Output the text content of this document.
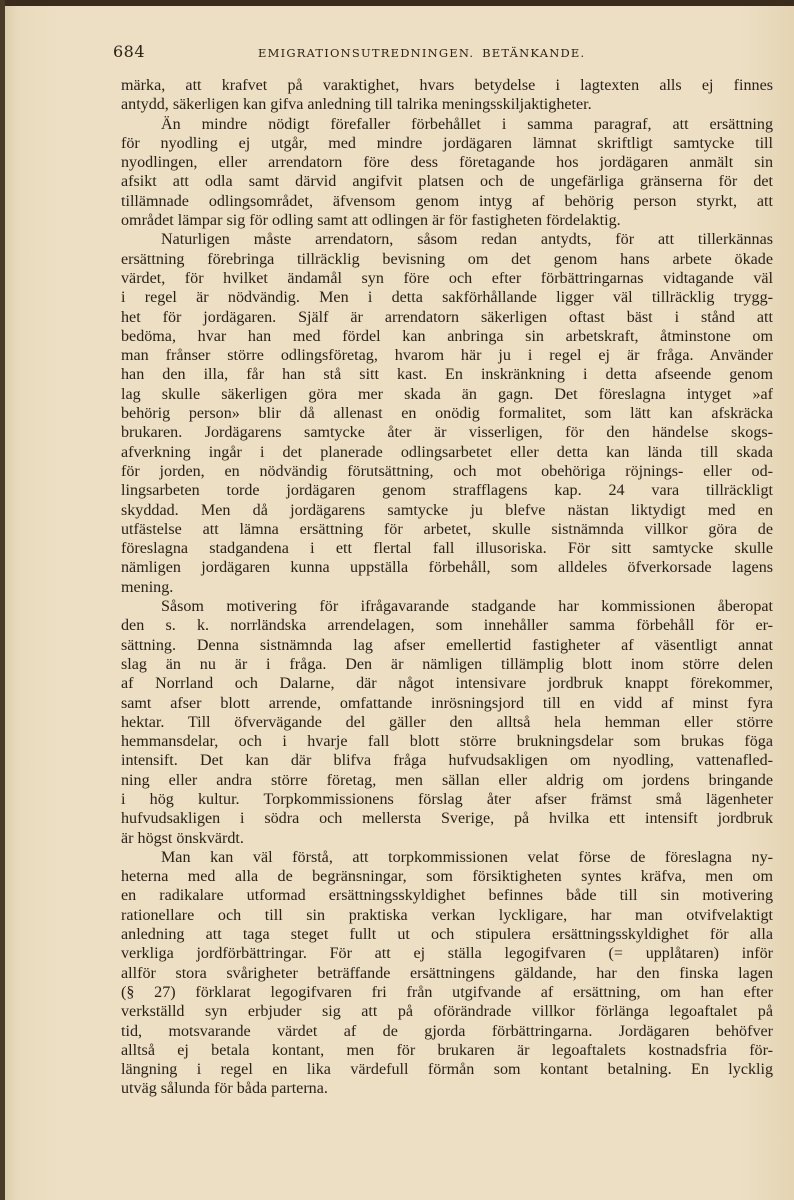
684	EMIGRATIONSUTREDNINGEN. BETÄNKANDE.
märka, att krafvet på varaktighet, hvars betydelse i lagtexten alls ej finnes
antydd, säkerligen kan gifva anledning till talrika meningsskiljaktigheter.
Än mindre nödigt förefaller förbehållet i samma paragraf, att ersättning
för nyodling ej utgår, med mindre jordägaren lämnat skriftligt samtycke till
nyodlingen, eller arrendatorn före dess företagande hos jordägaren anmält sin
afsikt att odla samt därvid angifvit platsen och de ungefärliga gränserna för det
tillämnade odlingsområdet, äfvensom genom intyg af behörig person styrkt, att
området lämpar sig för odling samt att odlingen är för fastigheten fördelaktig.
Naturligen måste arrendatorn, såsom redan antydts, för att tillerkännas
ersättning förebringa tillräcklig bevisning om det genom hans arbete ökade
värdet, för hvilket ändamål syn före och efter förbättringarnas vidtagande väl
i regel är nödvändig. Men i detta sakförhållande ligger väl tillräcklig trygg-
het för jordägaren. Själf är arrendatorn säkerligen oftast bäst i stånd att
bedöma, hvar han med fördel kan anbringa sin arbetskraft, åtminstone om
man frånser större odlingsföretag, hvarom här ju i regel ej är fråga. Använder
han den illa, får han stå sitt kast. En inskränkning i detta afseende genom
lag skulle säkerligen göra mer skada än gagn. Det föreslagna intyget »af
behörig person» blir då allenast en onödig formalitet, som lätt kan afskräcka
brukaren. Jordägarens samtycke åter är visserligen, för den händelse skogs-
afverkning ingår i det planerade odlingsarbetet eller detta kan ländа till skada
för jorden, en nödvändig förutsättning, och mot obehöriga röjnings- eller od-
lingsarbeten torde jordägaren genom strafflagens kap. 24 vara tillräckligt
skyddad. Men då jordägarens samtycke ju blefve nästan liktydigt med en
utfästelse att lämna ersättning för arbetet, skulle sistnämnda villkor göra de
föreslagna stadgandena i ett flertal fall illusoriska. För sitt samtycke skulle
nämligen jordägaren kunna uppställa förbehåll, som alldeles öfverkorsade lagens
mening.
Såsom motivering för ifrågavarande stadgande har kommissionen åberopat
den s. k. norrländska arrendelagen, som innehåller samma förbehåll för er-
sättning. Denna sistnämnda lag afser emellertid fastigheter af väsentligt annat
slag än nu är i fråga. Den är nämligen tillämplig blott inom större delen
af Norrland och Dalarne, där något intensivare jordbruk knappt förekommer,
samt afser blott arrende, omfattande inrösningsjord till en vidd af minst fyra
hektar. Till öfvervägande del gäller den alltså hela hemman eller större
hemmansdelar, och i hvarje fall blott större brukningsdelar som brukas föga
intensift. Det kan där blifva fråga hufvudsakligen om nyodling, vattenafled-
ning eller andra större företag, men sällan eller aldrig om jordens bringande
i hög kultur. Torpkommissionens förslag åter afser främst små lägenheter
hufvudsakligen i södra och mellersta Sverige, på hvilka ett intensift jordbruk
är högst önskvärdt.
Man kan väl förstå, att torpkommissionen velat förse de föreslagna ny-
heterna med alla de begränsningar, som försiktigheten syntes kräfva, men om
en radikalare utformad ersättningsskyldighet befinnes både till sin motivering
rationellare och till sin praktiska verkan lyckligare, har man otvifvelaktigt
anledning att taga steget fullt ut och stipulera ersättningsskyldighet för alla
verkliga jordförbättringar. För att ej ställa legogifvaren (= upplåtaren) inför
allför stora svårigheter beträffande ersättningens gäldande, har den finska lagen
(§ 27) förklarat legogifvaren fri från utgifvande af ersättning, om han efter
verkställd syn erbjuder sig att på oförändrade villkor förlänga legoaftalet på
tid, motsvarande värdet af de gjorda förbättringarna. Jordägaren behöfver
alltså ej betala kontant, men för brukaren är legoaftalets kostnadsfria för-
längning i regel en lika värdefull förmån som kontant betalning. En lycklig
utväg sålunda för båda parterna.
